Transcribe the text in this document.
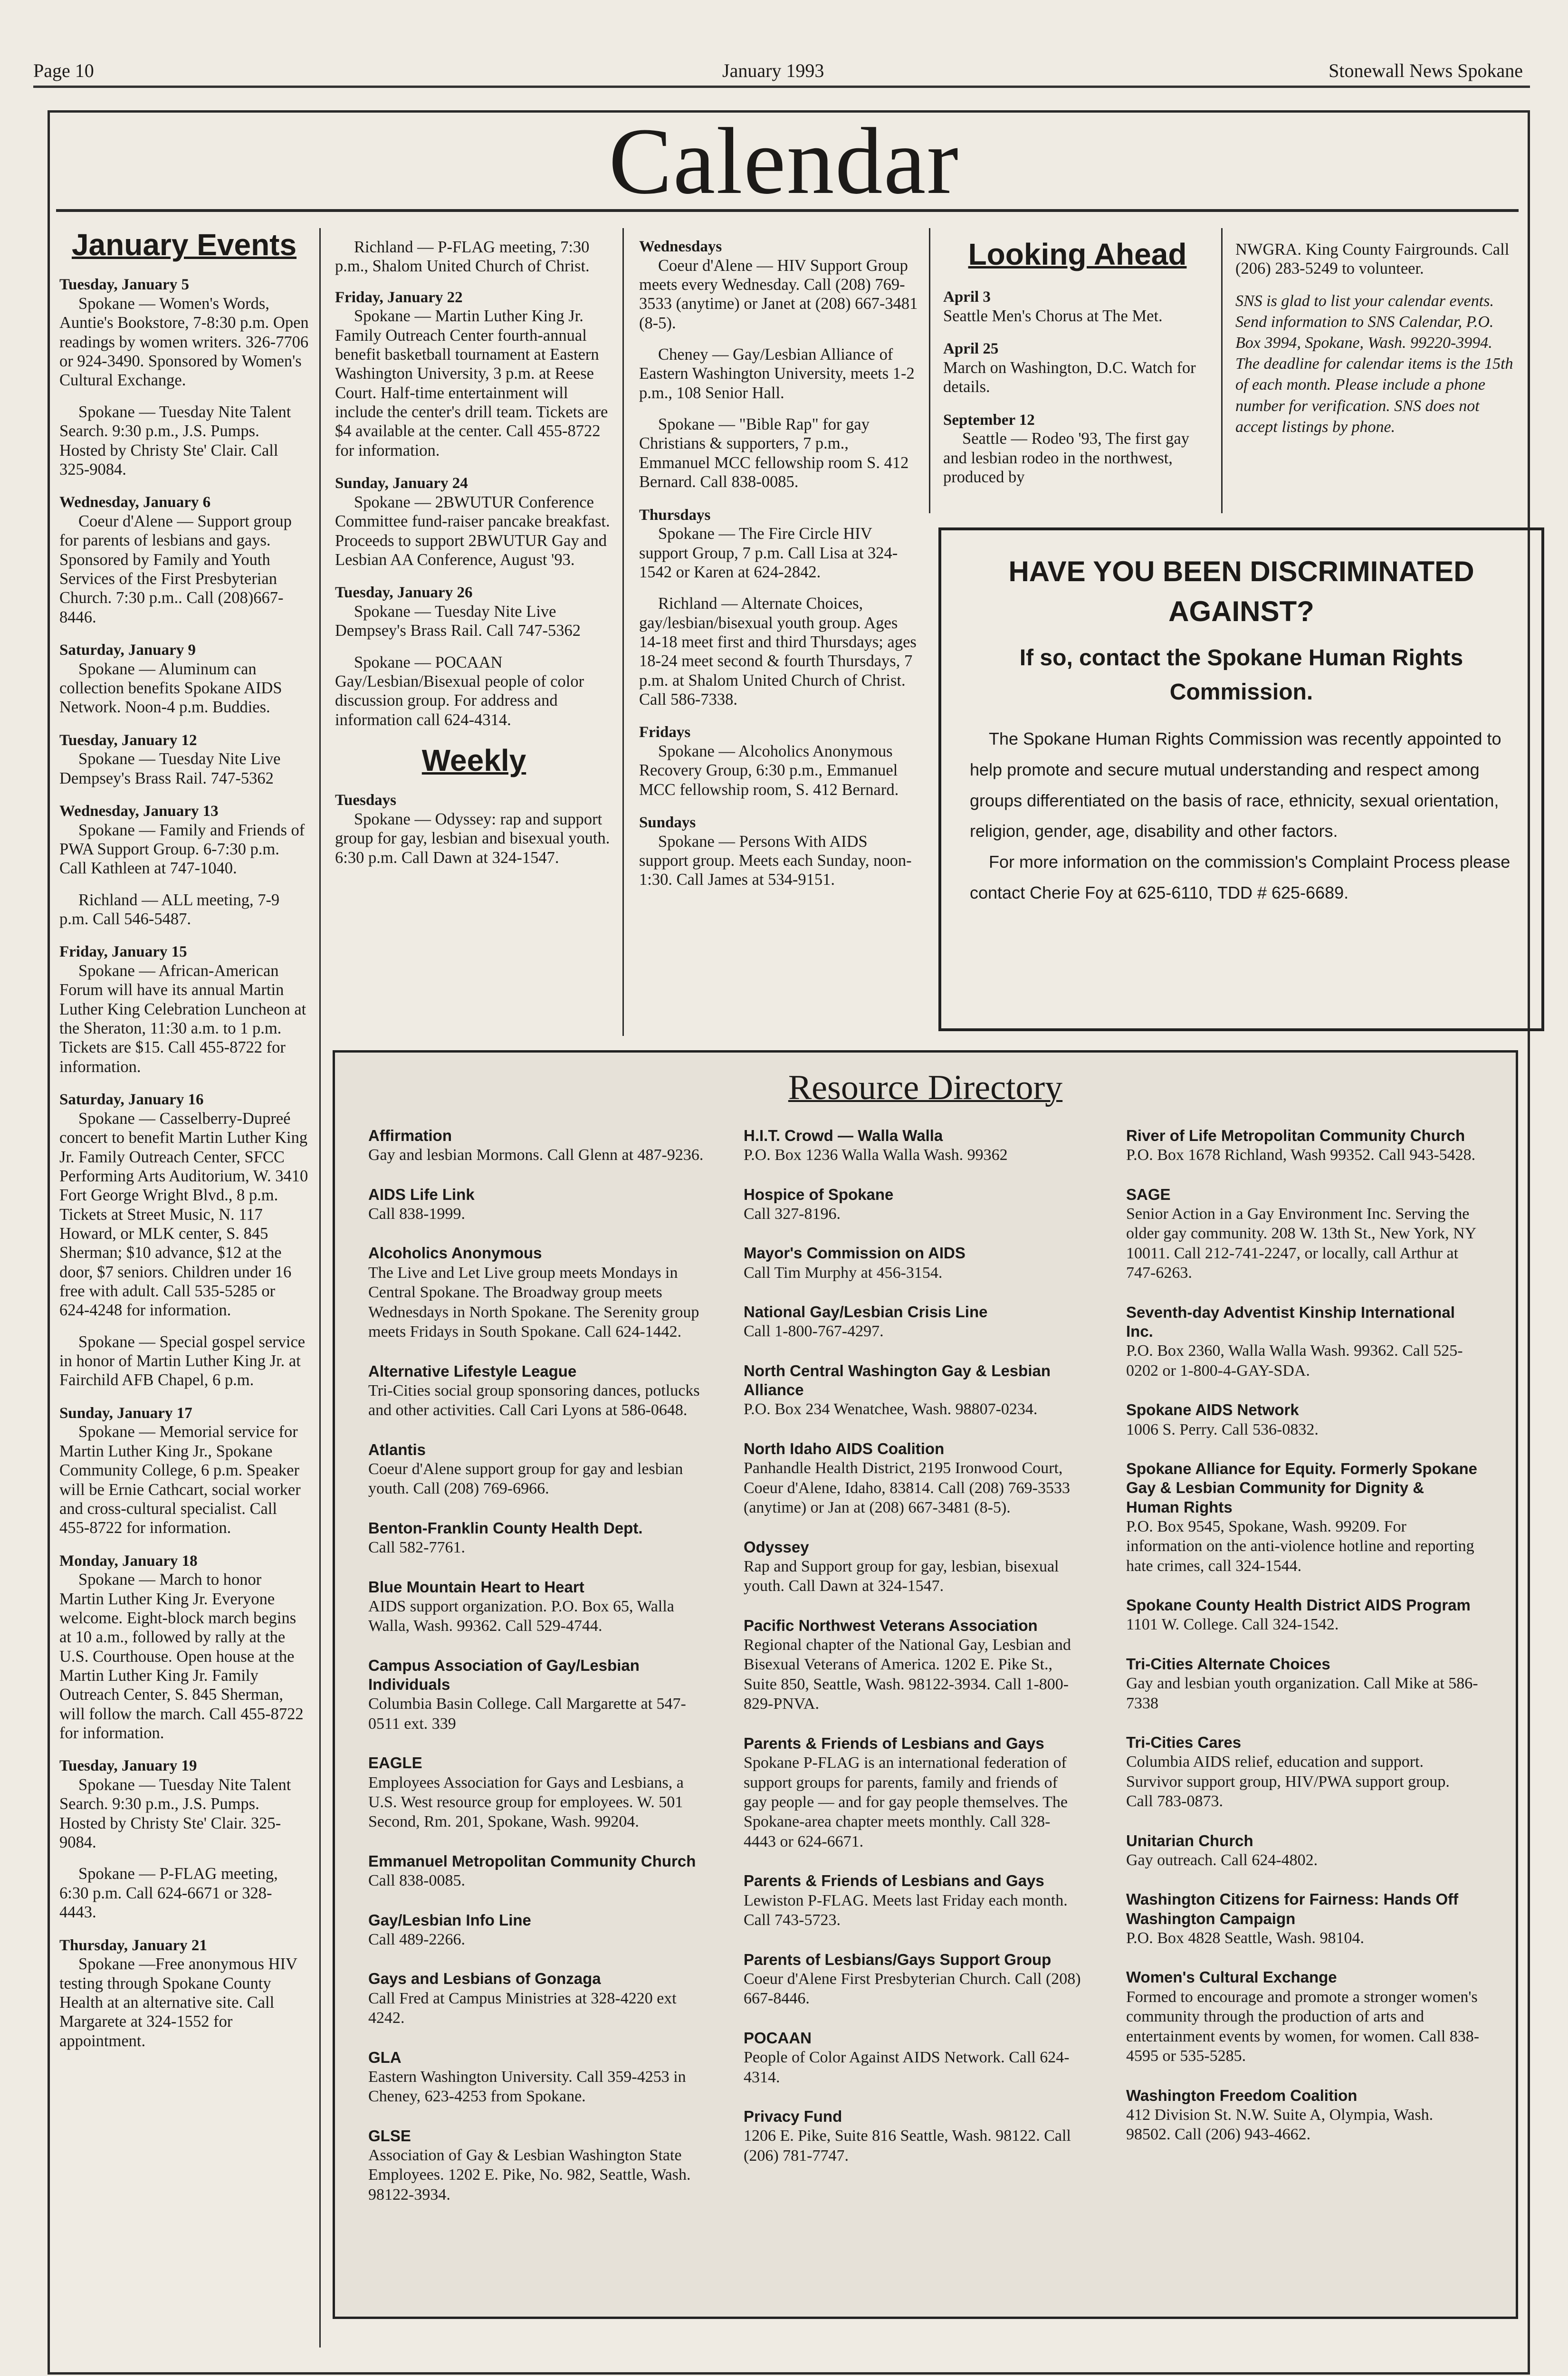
Page 10	January 1993	Stonewall News Spokane
Calendar
January Events
Tuesday, January 5
Spokane — Women's Words, Auntie's Bookstore, 7-8:30 p.m. Open readings by women writers. 326-7706 or 924-3490. Sponsored by Women's Cultural Exchange.
Spokane — Tuesday Nite Talent Search. 9:30 p.m., J.S. Pumps. Hosted by Christy Ste' Clair. Call 325-9084.
Wednesday, January 6
Coeur d'Alene — Support group for parents of lesbians and gays. Sponsored by Family and Youth Services of the First Presbyterian Church. 7:30 p.m.. Call (208)667-8446.
Saturday, January 9
Spokane — Aluminum can collection benefits Spokane AIDS Network. Noon-4 p.m. Buddies.
Tuesday, January 12
Spokane — Tuesday Nite Live Dempsey's Brass Rail. 747-5362
Wednesday, January 13
Spokane — Family and Friends of PWA Support Group. 6-7:30 p.m. Call Kathleen at 747-1040.
Richland — ALL meeting, 7-9 p.m. Call 546-5487.
Friday, January 15
Spokane — African-American Forum will have its annual Martin Luther King Celebration Luncheon at the Sheraton, 11:30 a.m. to 1 p.m. Tickets are $15. Call 455-8722 for information.
Saturday, January 16
Spokane — Casselberry-Dupreé concert to benefit Martin Luther King Jr. Family Outreach Center, SFCC Performing Arts Auditorium, W. 3410 Fort George Wright Blvd., 8 p.m. Tickets at Street Music, N. 117 Howard, or MLK center, S. 845 Sherman; $10 advance, $12 at the door, $7 seniors. Children under 16 free with adult. Call 535-5285 or 624-4248 for information.
Spokane — Special gospel service in honor of Martin Luther King Jr. at Fairchild AFB Chapel, 6 p.m.
Sunday, January 17
Spokane — Memorial service for Martin Luther King Jr., Spokane Community College, 6 p.m. Speaker will be Ernie Cathcart, social worker and cross-cultural specialist. Call 455-8722 for information.
Monday, January 18
Spokane — March to honor Martin Luther King Jr. Everyone welcome. Eight-block march begins at 10 a.m., followed by rally at the U.S. Courthouse. Open house at the Martin Luther King Jr. Family Outreach Center, S. 845 Sherman, will follow the march. Call 455-8722 for information.
Tuesday, January 19
Spokane — Tuesday Nite Talent Search. 9:30 p.m., J.S. Pumps. Hosted by Christy Ste' Clair. 325-9084.
Spokane — P-FLAG meeting, 6:30 p.m. Call 624-6671 or 328-4443.
Thursday, January 21
Spokane —Free anonymous HIV testing through Spokane County Health at an alternative site. Call Margarete at 324-1552 for appointment.
Richland — P-FLAG meeting, 7:30 p.m., Shalom United Church of Christ.
Friday, January 22
Spokane — Martin Luther King Jr. Family Outreach Center fourth-annual benefit basketball tournament at Eastern Washington University, 3 p.m. at Reese Court. Half-time entertainment will include the center's drill team. Tickets are $4 available at the center. Call 455-8722 for information.
Sunday, January 24
Spokane — 2BWUTUR Conference Committee fund-raiser pancake breakfast. Proceeds to support 2BWUTUR Gay and Lesbian AA Conference, August '93.
Tuesday, January 26
Spokane — Tuesday Nite Live Dempsey's Brass Rail. Call 747-5362
Spokane — POCAAN Gay/Lesbian/Bisexual people of color discussion group. For address and information call 624-4314.
Weekly
Tuesdays
Spokane — Odyssey: rap and support group for gay, lesbian and bisexual youth. 6:30 p.m. Call Dawn at 324-1547.
Wednesdays
Coeur d'Alene — HIV Support Group meets every Wednesday. Call (208) 769-3533 (anytime) or Janet at (208) 667-3481 (8-5).
Cheney — Gay/Lesbian Alliance of Eastern Washington University, meets 1-2 p.m., 108 Senior Hall.
Spokane — "Bible Rap" for gay Christians & supporters, 7 p.m., Emmanuel MCC fellowship room S. 412 Bernard. Call 838-0085.
Thursdays
Spokane — The Fire Circle HIV support Group, 7 p.m. Call Lisa at 324-1542 or Karen at 624-2842.
Richland — Alternate Choices, gay/lesbian/bisexual youth group. Ages 14-18 meet first and third Thursdays; ages 18-24 meet second & fourth Thursdays, 7 p.m. at Shalom United Church of Christ. Call 586-7338.
Fridays
Spokane — Alcoholics Anonymous Recovery Group, 6:30 p.m., Emmanuel MCC fellowship room, S. 412 Bernard.
Sundays
Spokane — Persons With AIDS support group. Meets each Sunday, noon-1:30. Call James at 534-9151.
Looking Ahead

April 3

Seattle Men's Chorus at The Met.

April 25

March on Washington, D.C. Watch for details.

September 12

Seattle — Rodeo '93, The first gay and lesbian rodeo in the northwest, produced by

NWGRA. King County Fairgrounds. Call (206) 283-5249 to volunteer.
SNS is glad to list your calendar events. Send information to SNS Calendar, P.O. Box 3994, Spokane, Wash. 99220-3994. The deadline for calendar items is the 15th of each month. Please include a phone number for verification. SNS does not accept listings by phone.
HAVE YOU BEEN DISCRIMINATED AGAINST?
If so, contact the Spokane Human Rights Commission.
The Spokane Human Rights Commission was recently appointed to help promote and secure mutual understanding and respect among groups differentiated on the basis of race, ethnicity, sexual orientation, religion, gender, age, disability and other factors.
For more information on the commission's Complaint Process please contact Cherie Foy at 625-6110, TDD # 625-6689.
Resource Directory

Affirmation

Gay and lesbian Mormons. Call Glenn at 487-9236.

AIDS Life Link

Call 838-1999.

Alcoholics Anonymous

The Live and Let Live group meets Mondays in Central Spokane. The Broadway group meets Wednesdays in North Spokane. The Serenity group meets Fridays in South Spokane. Call 624-1442.

Alternative Lifestyle League

Tri-Cities social group sponsoring dances, potlucks and other activities. Call Cari Lyons at 586-0648.

Atlantis

Coeur d'Alene support group for gay and lesbian youth. Call (208) 769-6966.

Benton-Franklin County Health Dept.

Call 582-7761.

Blue Mountain Heart to Heart

AIDS support organization. P.O. Box 65, Walla Walla, Wash. 99362. Call 529-4744.

Campus Association of Gay/Lesbian Individuals

Columbia Basin College. Call Margarette at 547-0511 ext. 339

EAGLE

Employees Association for Gays and Lesbians, a U.S. West resource group for employees. W. 501 Second, Rm. 201, Spokane, Wash. 99204.

Emmanuel Metropolitan Community Church

Call 838-0085.

Gay/Lesbian Info Line

Call 489-2266.

Gays and Lesbians of Gonzaga

Call Fred at Campus Ministries at 328-4220 ext 4242.

GLA

Eastern Washington University. Call 359-4253 in Cheney, 623-4253 from Spokane.

GLSE

Association of Gay & Lesbian Washington State Employees. 1202 E. Pike, No. 982, Seattle, Wash. 98122-3934.

H.I.T. Crowd — Walla Walla

P.O. Box 1236 Walla Walla Wash. 99362

Hospice of Spokane

Call 327-8196.

Mayor's Commission on AIDS

Call Tim Murphy at 456-3154.

National Gay/Lesbian Crisis Line

Call 1-800-767-4297.

North Central Washington Gay & Lesbian Alliance

P.O. Box 234 Wenatchee, Wash. 98807-0234.

North Idaho AIDS Coalition

Panhandle Health District, 2195 Ironwood Court, Coeur d'Alene, Idaho, 83814. Call (208) 769-3533 (anytime) or Jan at (208) 667-3481 (8-5).

Odyssey

Rap and Support group for gay, lesbian, bisexual youth. Call Dawn at 324-1547.

Pacific Northwest Veterans Association

Regional chapter of the National Gay, Lesbian and Bisexual Veterans of America. 1202 E. Pike St., Suite 850, Seattle, Wash. 98122-3934. Call 1-800-829-PNVA.

Parents & Friends of Lesbians and Gays

Spokane P-FLAG is an international federation of support groups for parents, family and friends of gay people — and for gay people themselves. The Spokane-area chapter meets monthly. Call 328-4443 or 624-6671.

Parents & Friends of Lesbians and Gays

Lewiston P-FLAG. Meets last Friday each month. Call 743-5723.

Parents of Lesbians/Gays Support Group

Coeur d'Alene First Presbyterian Church. Call (208) 667-8446.

POCAAN

People of Color Against AIDS Network. Call 624-4314.

Privacy Fund

1206 E. Pike, Suite 816 Seattle, Wash. 98122. Call (206) 781-7747.

River of Life Metropolitan Community Church

P.O. Box 1678 Richland, Wash 99352. Call 943-5428.

SAGE

Senior Action in a Gay Environment Inc. Serving the older gay community. 208 W. 13th St., New York, NY 10011. Call 212-741-2247, or locally, call Arthur at 747-6263.

Seventh-day Adventist Kinship International Inc.

P.O. Box 2360, Walla Walla Wash. 99362. Call 525-0202 or 1-800-4-GAY-SDA.

Spokane AIDS Network

1006 S. Perry. Call 536-0832.

Spokane Alliance for Equity. Formerly Spokane Gay & Lesbian Community for Dignity & Human Rights

P.O. Box 9545, Spokane, Wash. 99209. For information on the anti-violence hotline and reporting hate crimes, call 324-1544.

Spokane County Health District AIDS Program

1101 W. College. Call 324-1542.

Tri-Cities Alternate Choices

Gay and lesbian youth organization. Call Mike at 586-7338

Tri-Cities Cares

Columbia AIDS relief, education and support. Survivor support group, HIV/PWA support group. Call 783-0873.

Unitarian Church

Gay outreach. Call 624-4802.

Washington Citizens for Fairness: Hands Off Washington Campaign

P.O. Box 4828 Seattle, Wash. 98104.

Women's Cultural Exchange

Formed to encourage and promote a stronger women's community through the production of arts and entertainment events by women, for women. Call 838-4595 or 535-5285.

Washington Freedom Coalition

412 Division St. N.W. Suite A, Olympia, Wash. 98502. Call (206) 943-4662.
